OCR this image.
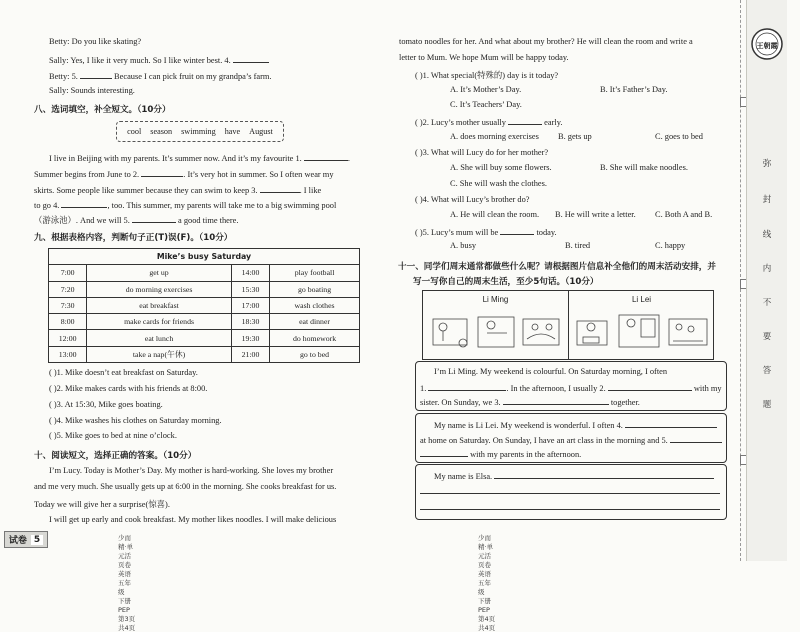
Betty: Do you like skating?
Sally: Yes, I like it very much. So I like winter best. 4.
Betty: 5.	Because I can pick fruit on my grandpa’s farm.
Sally: Sounds interesting.
八、选词填空，补全短文。（10分）
cool season swimming have August
I live in Beijing with my parents. It’s summer now. And it’s my favourite 1.	.
Summer begins from June to 2.	. It’s very hot in summer. So I often wear my
skirts. Some people like summer because they can swim to keep 3.	. I like
to go 4.	, too. This summer, my parents will take me to a big swimming pool
（游泳池）. And we will 5.	a good time there.
九、根据表格内容，判断句子正(T)误(F)。（10分）
Mike’s busy Saturday			
7:00	get up	14:00	play football
7:20	do morning exercises	15:30	go boating
7:30	eat breakfast	17:00	wash clothes
8:00	make cards for friends	18:30	eat dinner
12:00	eat lunch	19:30	do homework
13:00	take a nap(午休)	21:00	go to bed
( )1. Mike doesn’t eat breakfast on Saturday.
( )2. Mike makes cards with his friends at 8:00.
( )3. At 15:30, Mike goes boating.
( )4. Mike washes his clothes on Saturday morning.
( )5. Mike goes to bed at nine o’clock.
十、阅读短文，选择正确的答案。（10分）
I’m Lucy. Today is Mother’s Day. My mother is hard-working. She loves my brother
and me very much. She usually gets up at 6:00 in the morning. She cooks breakfast for us.
Today we will give her a surprise(惊喜).
I will get up early and cook breakfast. My mother likes noodles. I will make delicious
试卷 5	少而精·单元活页卷　英语　五年级　下册　PEP　第3页　共4页
tomato noodles for her. And what about my brother? He will clean the room and write a
letter to Mum. We hope Mum will be happy today.
( )1. What special(特殊的) day is it today?
A. It’s Mother’s Day.	B. It’s Father’s Day.
C. It’s Teachers’ Day.
( )2. Lucy’s mother usually	early.
A. does morning exercises B. gets up	C. goes to bed
( )3. What will Lucy do for her mother?
A. She will buy some flowers.	B. She will make noodles.
C. She will wash the clothes.
( )4. What will Lucy’s brother do?
A. He will clean the room. B. He will write a letter. C. Both A and B.
( )5. Lucy’s mum will be	today.
A. busy	B. tired	C. happy
十一、同学们周末通常都做些什么呢？请根据图片信息补全他们的周末活动安排，并
写一写你自己的周末生活，至少5句话。（10分）
Li Ming	Li Lei
I’m Li Ming. My weekend is colourful. On Saturday morning, I often
1.	. In the afternoon, I usually 2.	with my
sister. On Sunday, we 3.	together.
My name is Li Lei. My weekend is wonderful. I often 4.
at home on Saturday. On Sunday, I have an art class in the morning and 5.
with my parents in the afternoon.
My name is Elsa.
少而精·单元活页卷　英语　五年级　下册　PEP　第4页　共4页
王朝霞
弥
封
线
内
不
要
答
题
